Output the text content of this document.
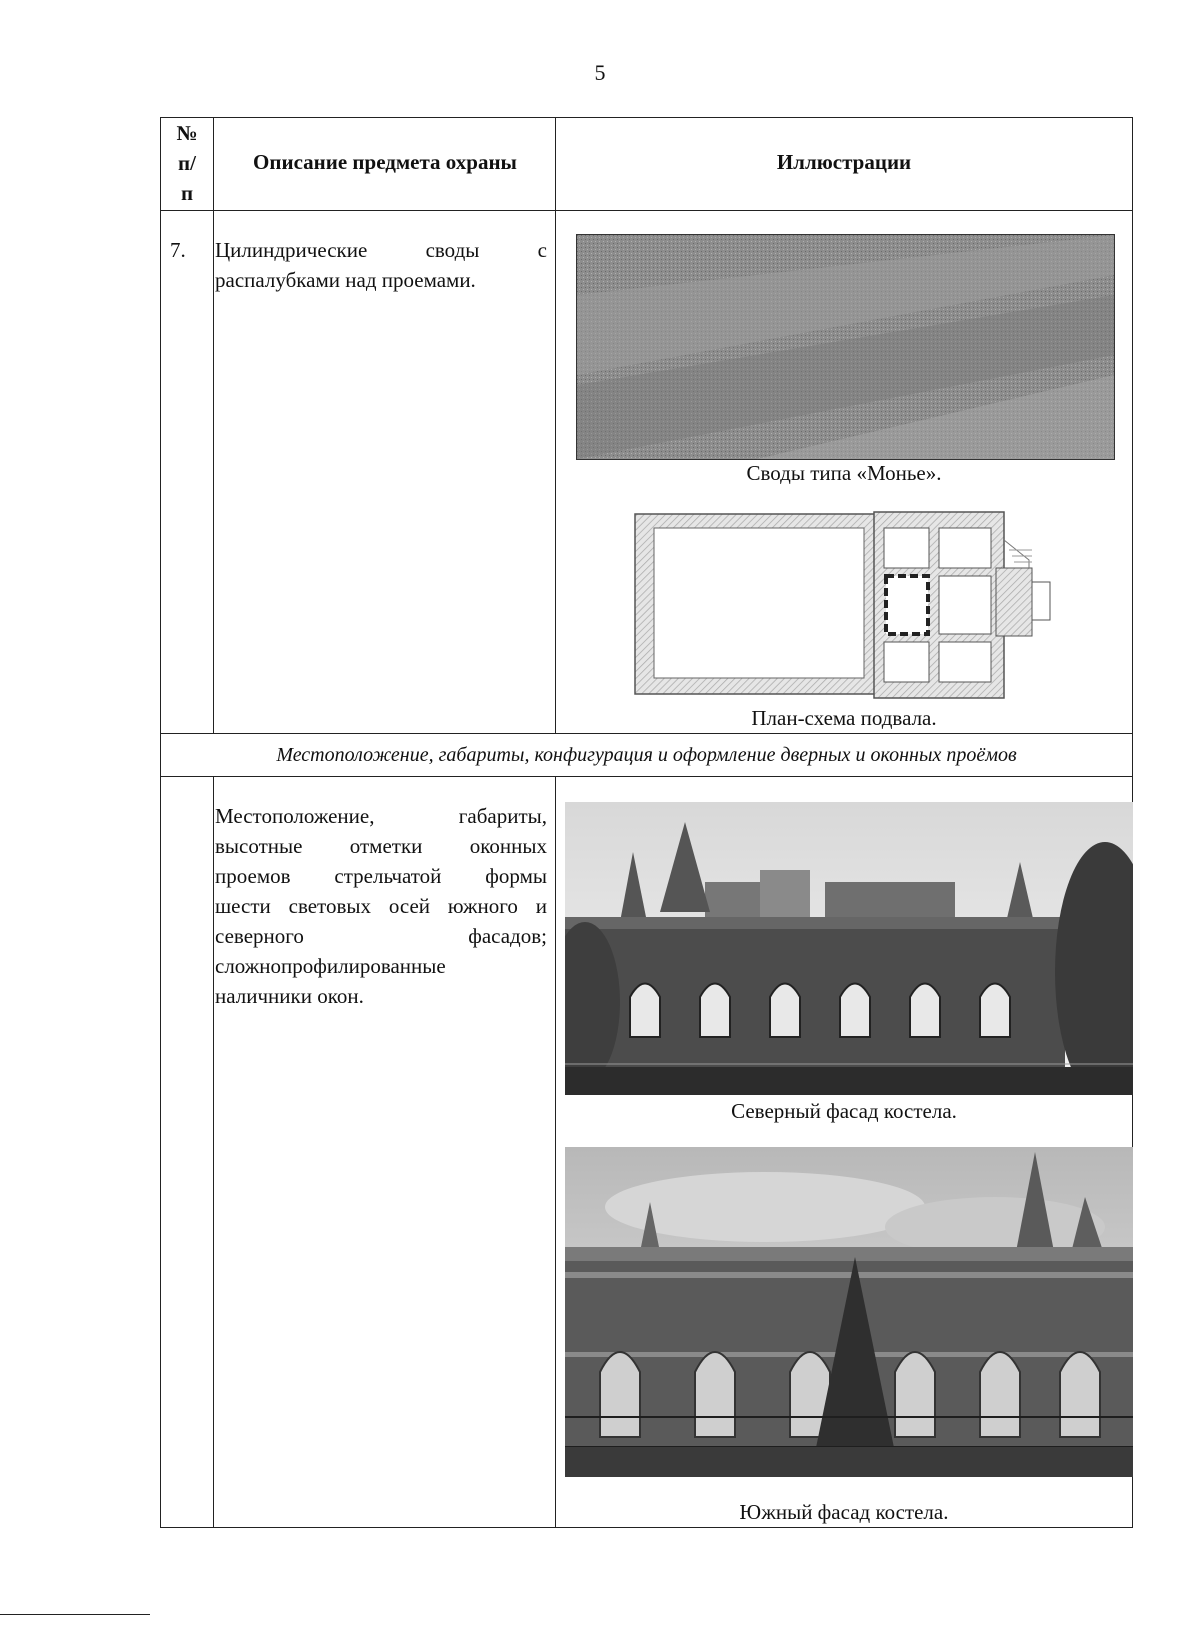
5
№
п/
п
Описание предмета охраны	Иллюстрации
7. Цилиндрические своды с
распалубками над проемами.
Своды типа «Монье».
План-схема подвала.
Местоположение, габариты, конфигурация и оформление дверных и оконных проёмов
Местоположение, габариты,
высотные отметки оконных
проемов стрельчатой формы
шести световых осей южного и
северного фасадов;
сложнопрофилированные
наличники окон.
Северный фасад костела.
Южный фасад костела.
